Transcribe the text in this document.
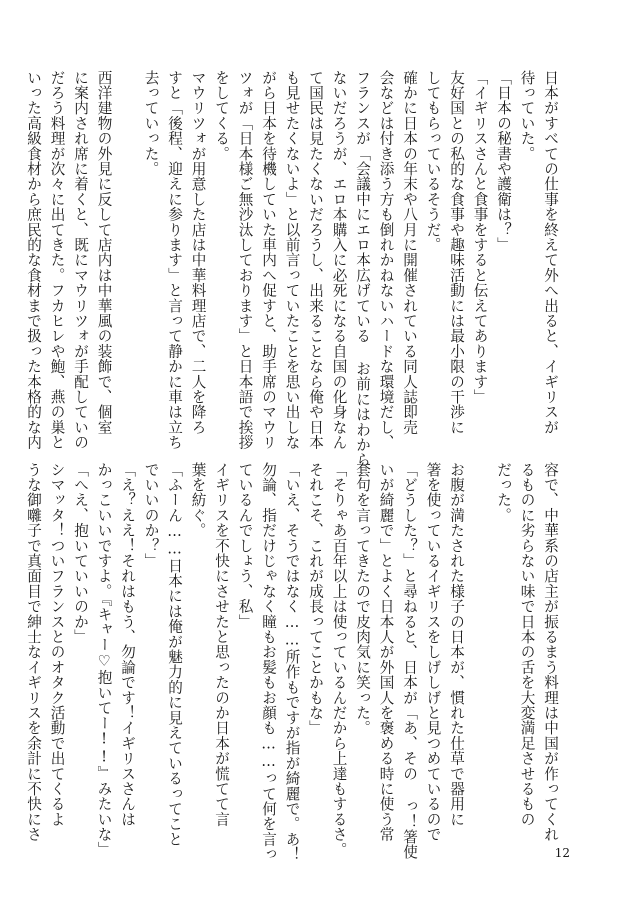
日本がすべての仕事を終えて外へ出ると、イギリスが
待っていた。
「日本の秘書や護衛は？」
「イギリスさんと食事をすると伝えてあります」
友好国との私的な食事や趣味活動には最小限の干渉に
してもらっているそうだ。
確かに日本の年末や八月に開催されている同人誌即売
会などは付き添う方も倒れかねないハードな環境だし、
フランスが「会議中にエロ本広げている お前にはわから
ないだろうが、エロ本購入に必死になる自国の化身なん
て国民は見たくないだろうし、出来ることなら俺や日本
も見せたくないよ」と以前言っていたことを思い出しな
がら日本を待機していた車内へ促すと、助手席のマウリ
ツォが「日本様ご無沙汰しております」と日本語で挨拶
をしてくる。
マウリツォが用意した店は中華料理店で、二人を降ろ
すと「後程、迎えに参ります」と言って静かに車は立ち
去っていった。

西洋建物の外見に反して店内は中華風の装飾で、個室
に案内され席に着くと、既にマウリツォが手配していの
だろう料理が次々に出てきた。フカヒレや鮑、燕の巣と
いった高級食材から庶民的な食材まで扱った本格的な内
容で、中華系の店主が振るまう料理は中国が作ってくれ
るものに劣らない味で日本の舌を大変満足させるもの
だった。

お腹が満たされた様子の日本が、慣れた仕草で器用に
箸を使っているイギリスをしげしげと見つめているので
「どうした？」と尋ねると、日本が「あ、その っ！箸使
いが綺麗で」とよく日本人が外国人を褒める時に使う常
套句を言ってきたので皮肉気に笑った。
「そりゃあ百年以上は使っているんだから上達もするさ。
それこそ、これが成長ってことかもな」
「いえ、そうではなく……所作もですが指が綺麗で。あ！
勿論、指だけじゃなく瞳もお髪もお顔も……って何を言っ
ているんでしょう、私」
イギリスを不快にさせたと思ったのか日本が慌てて言
葉を紡ぐ。
「ふーん……日本には俺が魅力的に見えているってこと
でいいのか？」
「え？ええ！それはもう、勿論です！イギリスさんは
かっこいいですよ。『キャー♡抱いてー!!』みたいな」
「へえ、抱いていいのか」
シマッタ！ついフランスとのオタク活動で出てくるよ
うな御囃子で真面目で紳士なイギリスを余計に不快にさ
12
